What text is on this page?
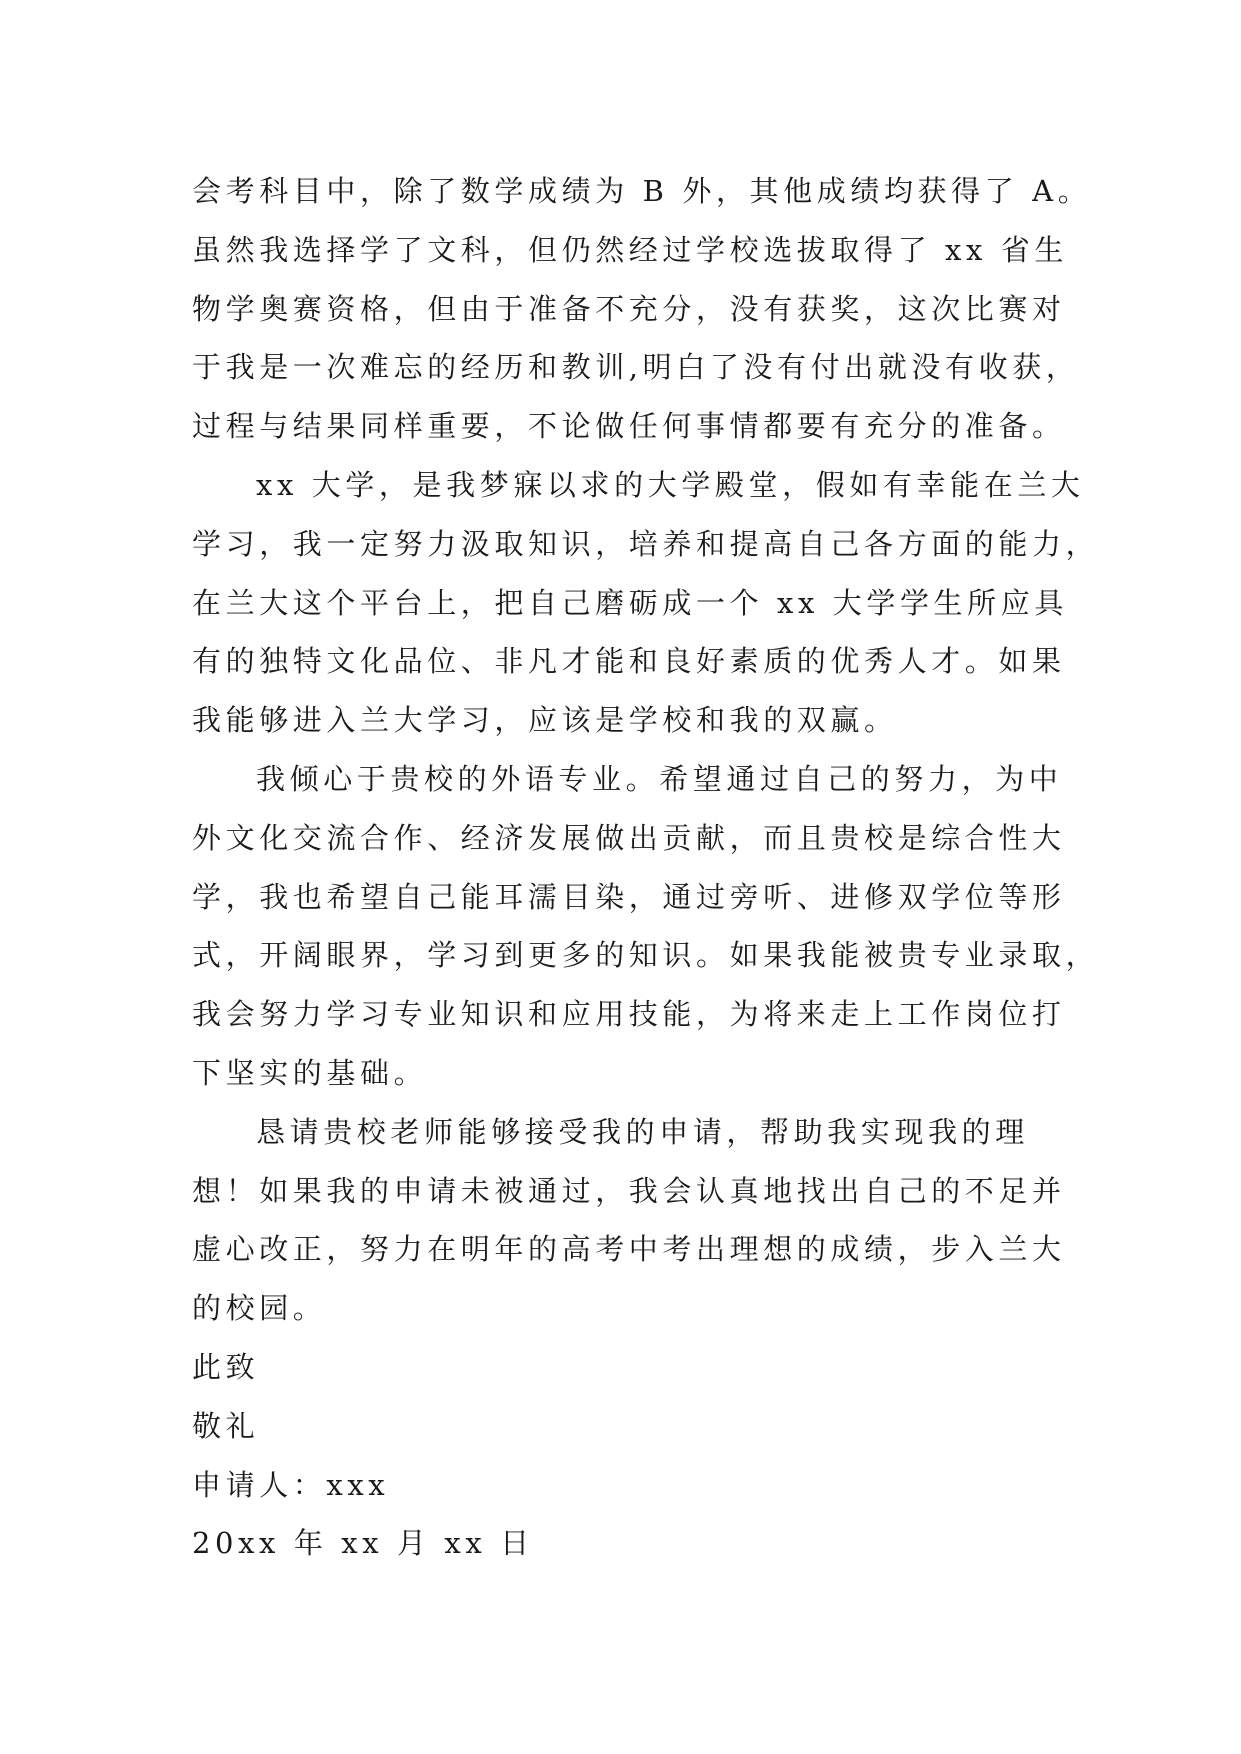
会考科目中，除了数学成绩为 B 外，其他成绩均获得了 A。
虽然我选择学了文科，但仍然经过学校选拔取得了 xx 省生
物学奥赛资格，但由于准备不充分，没有获奖，这次比赛对
于我是一次难忘的经历和教训,明白了没有付出就没有收获，
过程与结果同样重要，不论做任何事情都要有充分的准备。
xx 大学，是我梦寐以求的大学殿堂，假如有幸能在兰大
学习，我一定努力汲取知识，培养和提高自己各方面的能力，
在兰大这个平台上，把自己磨砺成一个 xx 大学学生所应具
有的独特文化品位、非凡才能和良好素质的优秀人才。如果
我能够进入兰大学习，应该是学校和我的双赢。
我倾心于贵校的外语专业。希望通过自己的努力，为中
外文化交流合作、经济发展做出贡献，而且贵校是综合性大
学，我也希望自己能耳濡目染，通过旁听、进修双学位等形
式，开阔眼界，学习到更多的知识。如果我能被贵专业录取，
我会努力学习专业知识和应用技能，为将来走上工作岗位打
下坚实的基础。
恳请贵校老师能够接受我的申请，帮助我实现我的理
想！如果我的申请未被通过，我会认真地找出自己的不足并
虚心改正，努力在明年的高考中考出理想的成绩，步入兰大
的校园。
此致
敬礼
申请人：xxx
20xx 年 xx 月 xx 日
